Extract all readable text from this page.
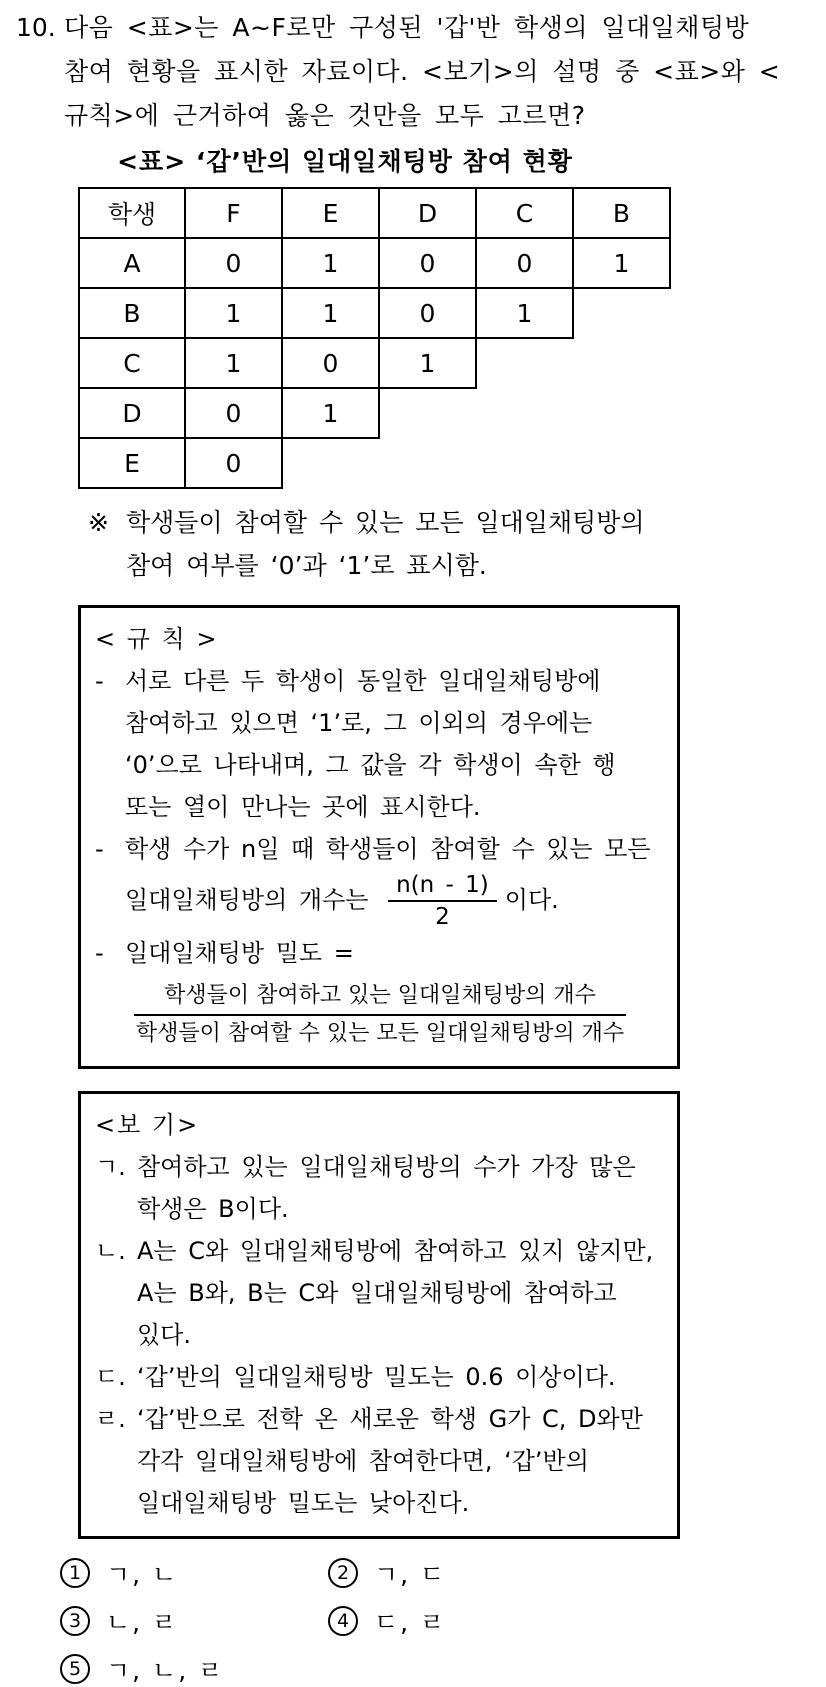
10. 다음 <표>는 A~F로만 구성된 '갑'반 학생의 일대일채팅방 참여 현황을 표시한 자료이다. <보기>의 설명 중 <표>와 <규칙>에 근거하여 옳은 것만을 모두 고르면?
<표> ‘갑’반의 일대일채팅방 참여 현황
학생	F	E	D	C	B
A	0	1	0	0	1
B	1	1	0	1
C	1	0	1
D	0	1
E	0
※ 학생들이 참여할 수 있는 모든 일대일채팅방의 참여 여부를 ‘0’과 ‘1’로 표시함.
< 규 칙 >
- 서로 다른 두 학생이 동일한 일대일채팅방에 참여하고 있으면 ‘1’로, 그 이외의 경우에는 ‘0’으로 나타내며, 그 값을 각 학생이 속한 행 또는 열이 만나는 곳에 표시한다.
- 학생 수가 n일 때 학생들이 참여할 수 있는 모든 일대일채팅방의 개수는 $\frac{n(n - 1)}{2}$ 이다.
- 일대일채팅방 밀도 =
학생들이 참여하고 있는 일대일채팅방의 개수
학생들이 참여할 수 있는 모든 일대일채팅방의 개수
<보 기>
ㄱ. 참여하고 있는 일대일채팅방의 수가 가장 많은 학생은 B이다.
ㄴ. A는 C와 일대일채팅방에 참여하고 있지 않지만, A는 B와, B는 C와 일대일채팅방에 참여하고 있다.
ㄷ. ‘갑’반의 일대일채팅방 밀도는 0.6 이상이다.
ㄹ. ‘갑’반으로 전학 온 새로운 학생 G가 C, D와만 각각 일대일채팅방에 참여한다면, ‘갑’반의 일대일채팅방 밀도는 낮아진다.
1 ㄱ, ㄴ	2 ㄱ, ㄷ
3 ㄴ, ㄹ	4 ㄷ, ㄹ
5 ㄱ, ㄴ, ㄹ
